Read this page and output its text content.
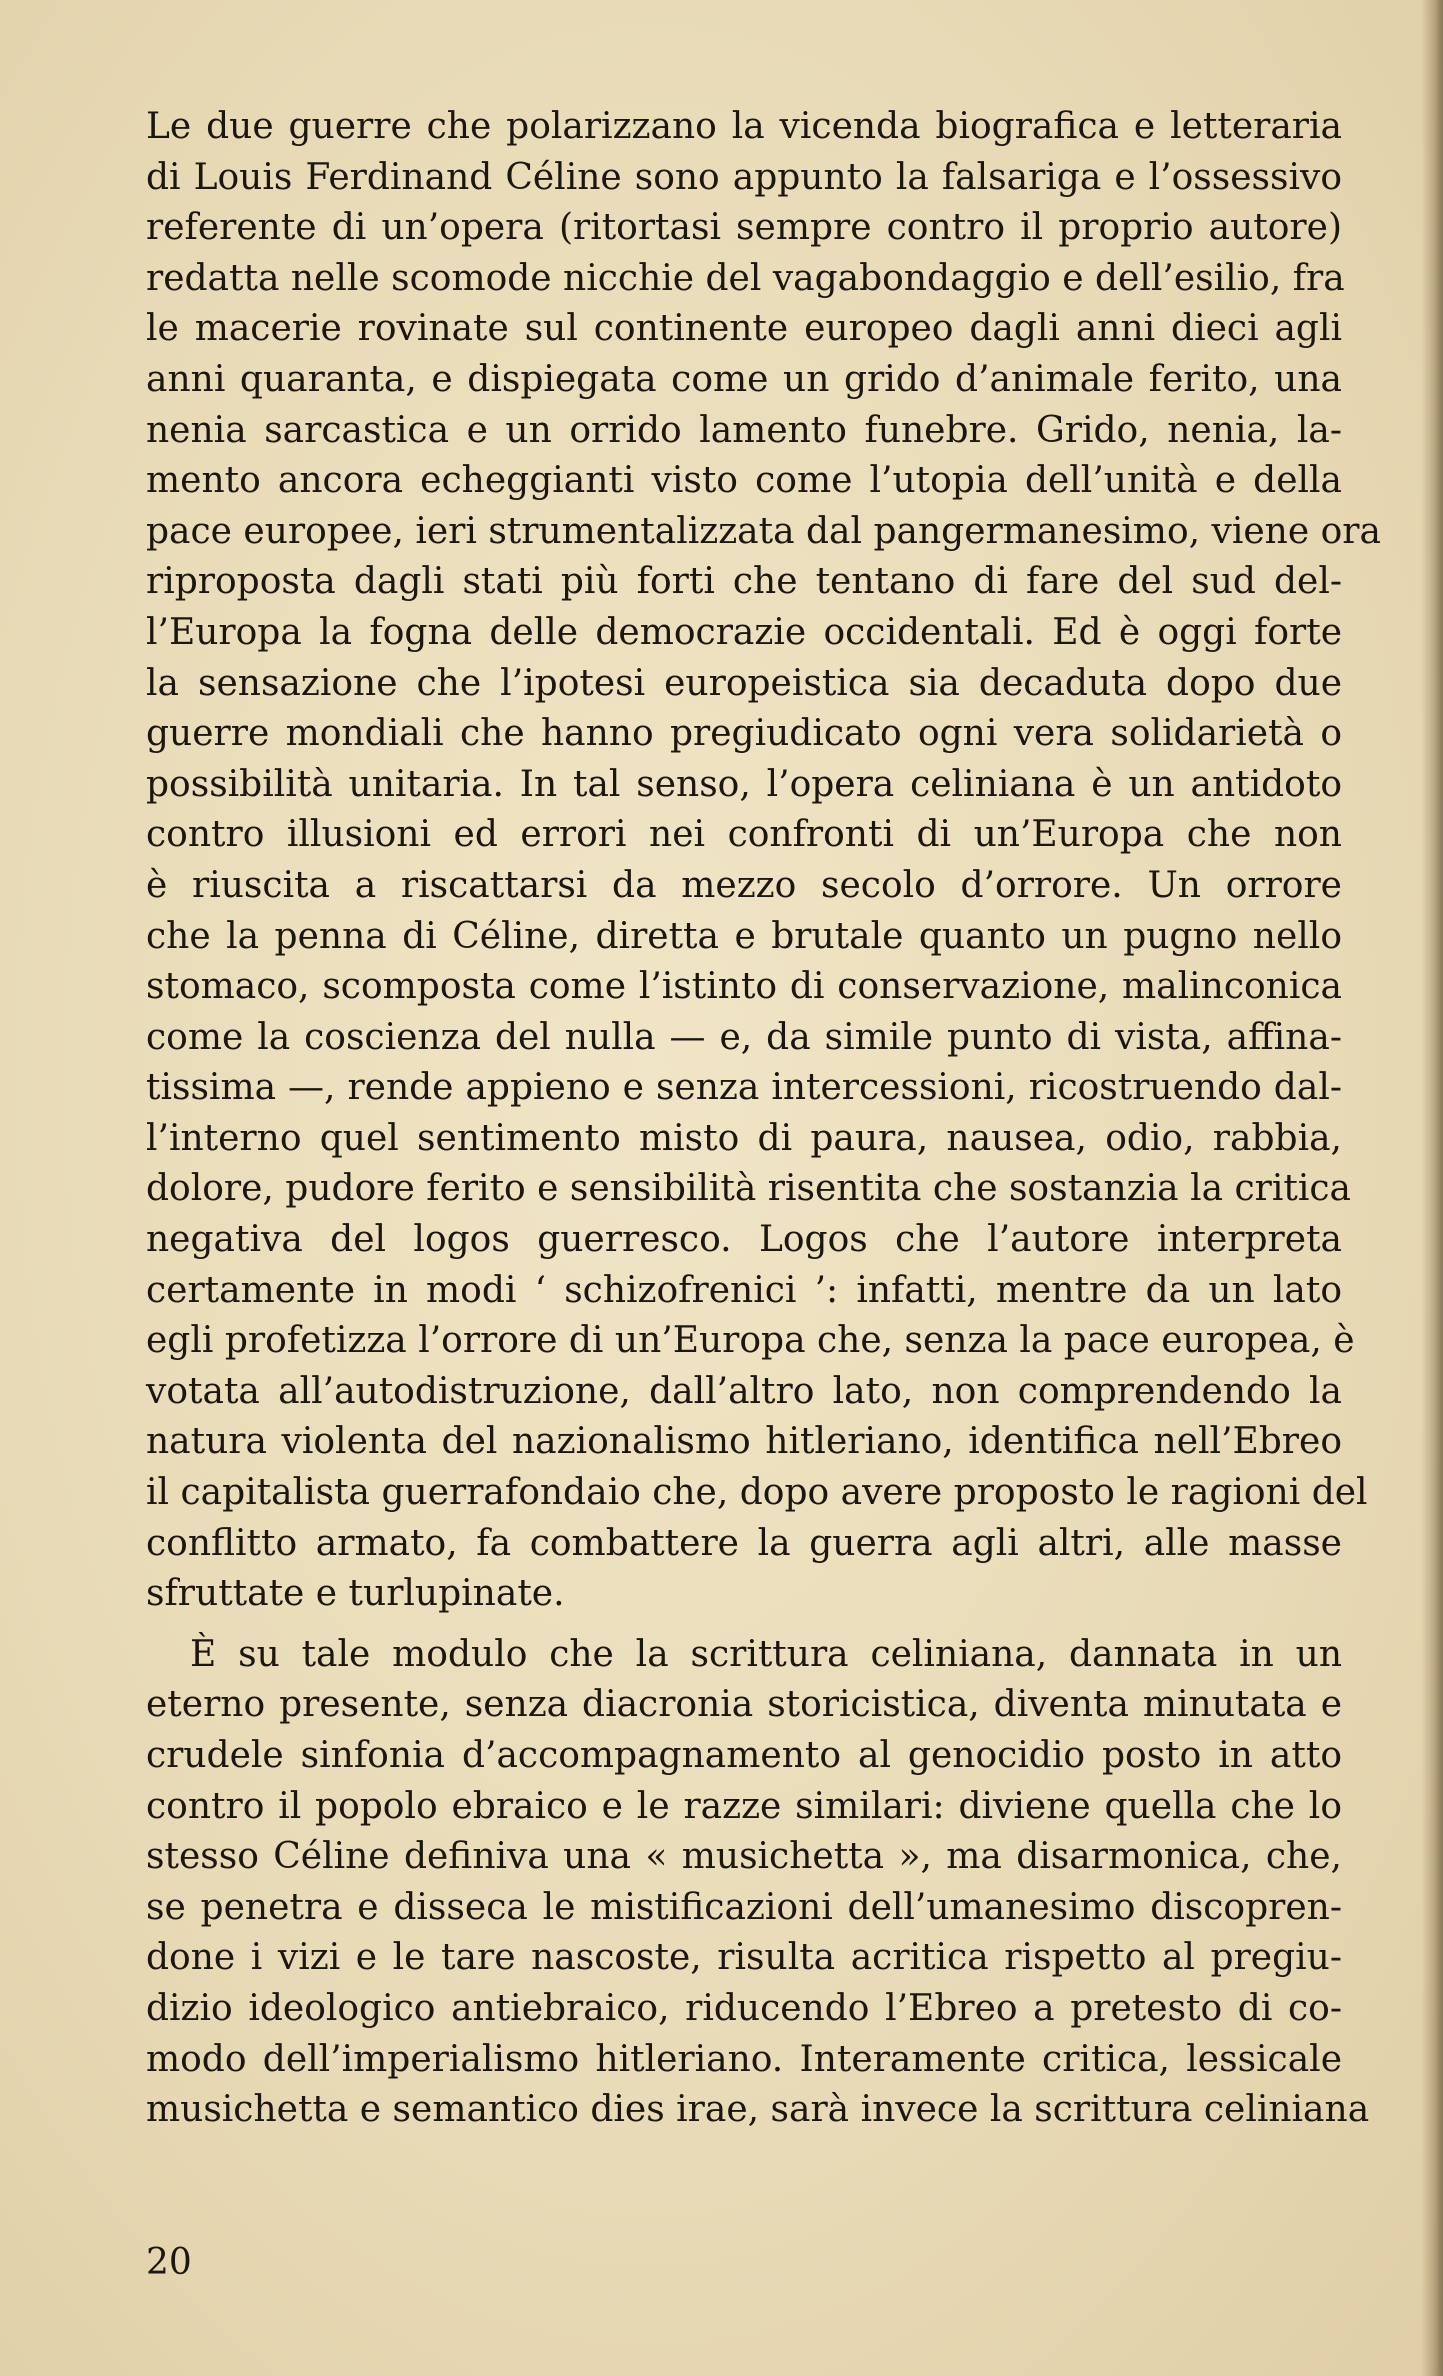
Le due guerre che polarizzano la vicenda biografica e letteraria
di Louis Ferdinand Céline sono appunto la falsariga e l’ossessivo
referente di un’opera (ritortasi sempre contro il proprio autore)
redatta nelle scomode nicchie del vagabondaggio e dell’esilio, fra
le macerie rovinate sul continente europeo dagli anni dieci agli
anni quaranta, e dispiegata come un grido d’animale ferito, una
nenia sarcastica e un orrido lamento funebre. Grido, nenia, la-
mento ancora echeggianti visto come l’utopia dell’unità e della
pace europee, ieri strumentalizzata dal pangermanesimo, viene ora
riproposta dagli stati più forti che tentano di fare del sud del-
l’Europa la fogna delle democrazie occidentali. Ed è oggi forte
la sensazione che l’ipotesi europeistica sia decaduta dopo due
guerre mondiali che hanno pregiudicato ogni vera solidarietà o
possibilità unitaria. In tal senso, l’opera celiniana è un antidoto
contro illusioni ed errori nei confronti di un’Europa che non
è riuscita a riscattarsi da mezzo secolo d’orrore. Un orrore
che la penna di Céline, diretta e brutale quanto un pugno nello
stomaco, scomposta come l’istinto di conservazione, malinconica
come la coscienza del nulla — e, da simile punto di vista, affina-
tissima —, rende appieno e senza intercessioni, ricostruendo dal-
l’interno quel sentimento misto di paura, nausea, odio, rabbia,
dolore, pudore ferito e sensibilità risentita che sostanzia la critica
negativa del logos guerresco. Logos che l’autore interpreta
certamente in modi ‘ schizofrenici ’: infatti, mentre da un lato
egli profetizza l’orrore di un’Europa che, senza la pace europea, è
votata all’autodistruzione, dall’altro lato, non comprendendo la
natura violenta del nazionalismo hitleriano, identifica nell’Ebreo
il capitalista guerrafondaio che, dopo avere proposto le ragioni del
conflitto armato, fa combattere la guerra agli altri, alle masse
sfruttate e turlupinate.
È su tale modulo che la scrittura celiniana, dannata in un
eterno presente, senza diacronia storicistica, diventa minutata e
crudele sinfonia d’accompagnamento al genocidio posto in atto
contro il popolo ebraico e le razze similari: diviene quella che lo
stesso Céline definiva una « musichetta », ma disarmonica, che,
se penetra e disseca le mistificazioni dell’umanesimo discopren-
done i vizi e le tare nascoste, risulta acritica rispetto al pregiu-
dizio ideologico antiebraico, riducendo l’Ebreo a pretesto di co-
modo dell’imperialismo hitleriano. Interamente critica, lessicale
musichetta e semantico dies irae, sarà invece la scrittura celiniana
20
